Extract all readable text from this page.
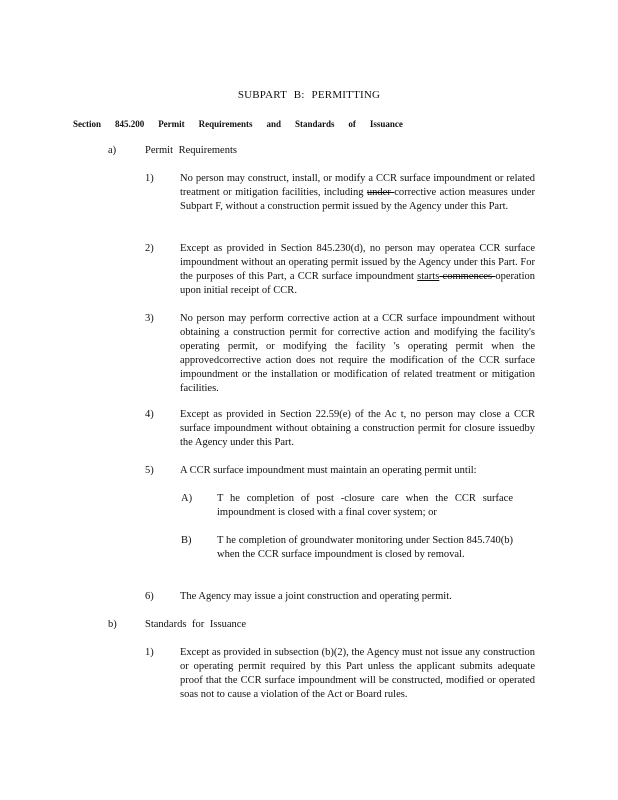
SUBPART B: PERMITTING
Section 845.200 Permit Requirements and Standards of Issuance
a)	Permit Requirements
1)	No person may construct, install, or modify a CCR surface impoundment or related treatment or mitigation facilities, including under corrective action measures under Subpart F, without a construction permit issued by the Agency under this Part.
2)	Except as provided in Section 845.230(d), no person may operatea CCR surface impoundment without an operating permit issued by the Agency under this Part. For the purposes of this Part, a CCR surface impoundment starts commences operation upon initial receipt of CCR.
3)	No person may perform corrective action at a CCR surface impoundment without obtaining a construction permit for corrective action and modifying the facility's operating permit, or modifying the facility 's operating permit when the approvedcorrective action does not require the modification of the CCR surface impoundment or the installation or modification of related treatment or mitigation facilities.
4)	Except as provided in Section 22.59(e) of the Ac t, no person may close a CCR surface impoundment without obtaining a construction permit for closure issuedby the Agency under this Part.
5)	A CCR surface impoundment must maintain an operating permit until:
A) T he completion of post -closure care when the CCR surface impoundment is closed with a final cover system; or
B) T he completion of groundwater monitoring under Section 845.740(b) when the CCR surface impoundment is closed by removal.
6)	The Agency may issue a joint construction and operating permit.
b)	Standards for Issuance
1)	Except as provided in subsection (b)(2), the Agency must not issue any construction or operating permit required by this Part unless the applicant submits adequate proof that the CCR surface impoundment will be constructed, modified or operated soas not to cause a violation of the Act or Board rules.
